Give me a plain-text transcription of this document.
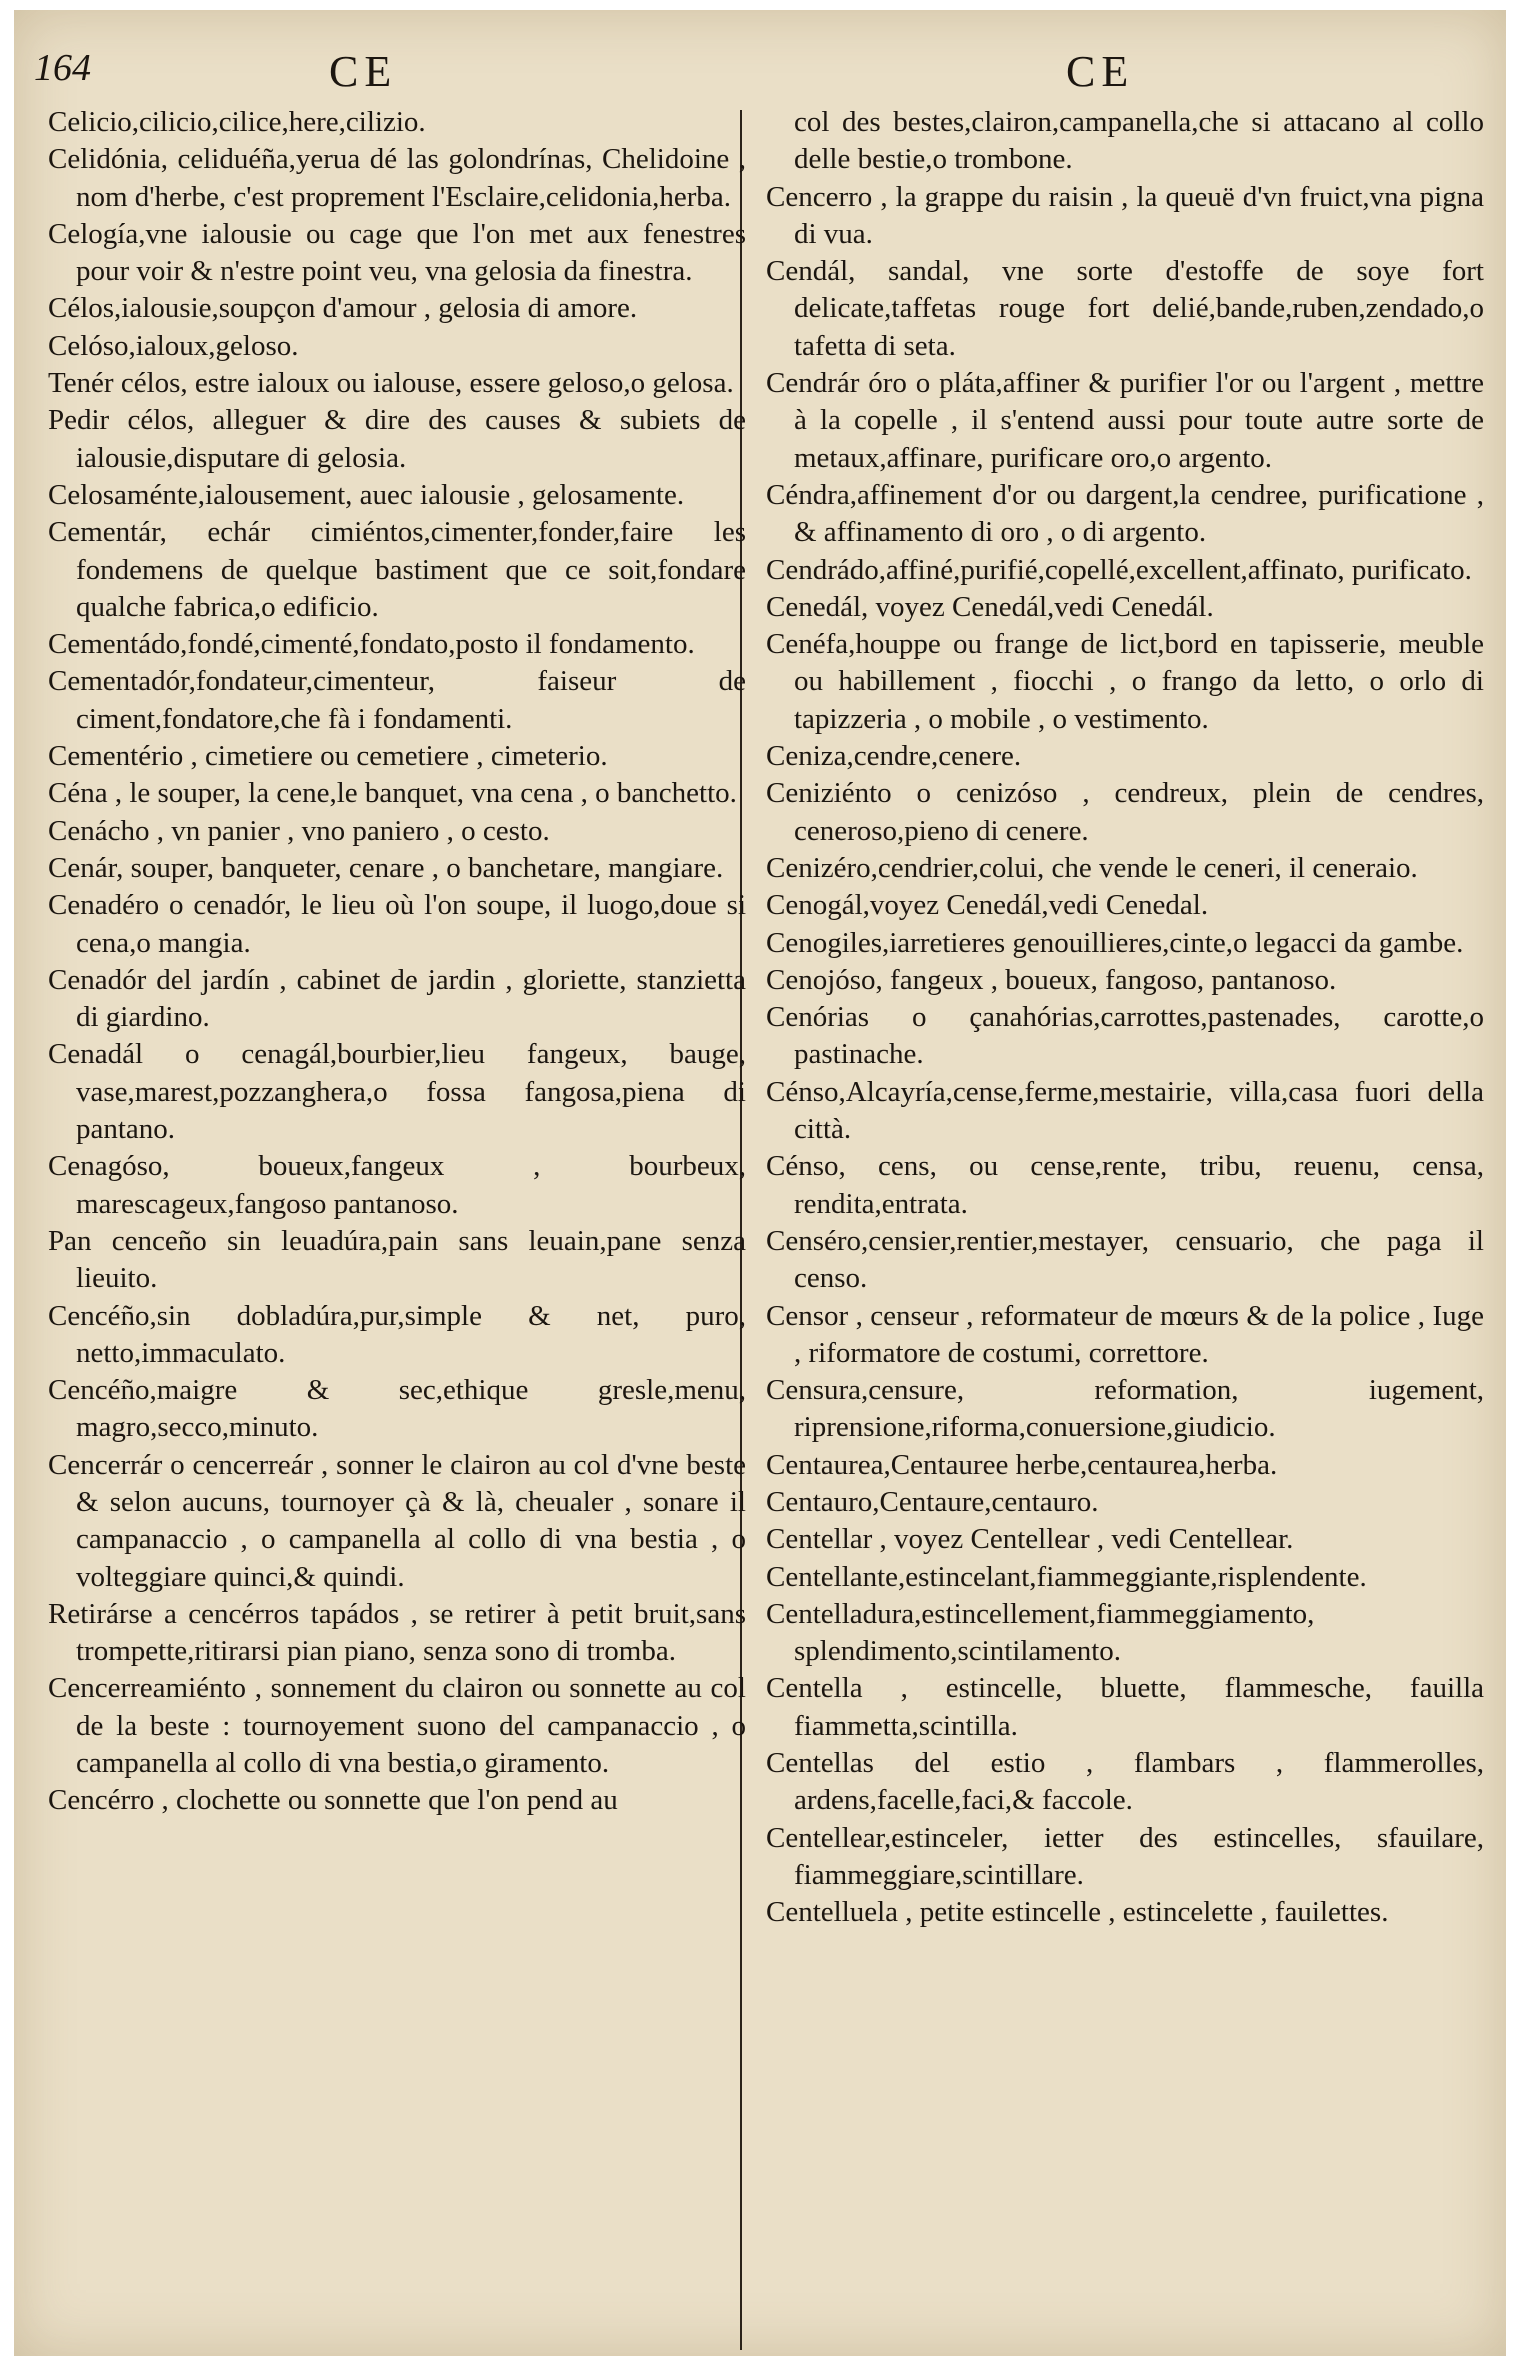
164	CE	CE

Celicio,cilicio,cilice,here,cilizio.

Celidónia, celiduéña,yerua dé las golondrínas, Chelidoine , nom d'herbe, c'est proprement l'Esclaire,celidonia,herba.

Celogía,vne ialousie ou cage que l'on met aux fenestres pour voir & n'estre point veu, vna gelosia da finestra.

Célos,ialousie,soupçon d'amour , gelosia di amore.

Celóso,ialoux,geloso.

Tenér célos, estre ialoux ou ialouse, essere geloso,o gelosa.

Pedir célos, alleguer & dire des causes & subiets de ialousie,disputare di gelosia.

Celosaménte,ialousement, auec ialousie , gelosamente.

Cementár, echár cimiéntos,cimenter,fonder,faire les fondemens de quelque bastiment que ce soit,fondare qualche fabrica,o edificio.

Cementádo,fondé,cimenté,fondato,posto il fondamento.

Cementadór,fondateur,cimenteur, faiseur de ciment,fondatore,che fà i fondamenti.

Cementério , cimetiere ou cemetiere , cimeterio.

Céna , le souper, la cene,le banquet, vna cena , o banchetto.

Cenácho , vn panier , vno paniero , o cesto.

Cenár, souper, banqueter, cenare , o banchetare, mangiare.

Cenadéro o cenadór, le lieu où l'on soupe, il luogo,doue si cena,o mangia.

Cenadór del jardín , cabinet de jardin , gloriette, stanzietta di giardino.

Cenadál o cenagál,bourbier,lieu fangeux, bauge, vase,marest,pozzanghera,o fossa fangosa,piena di pantano.

Cenagóso, boueux,fangeux , bourbeux, marescageux,fangoso pantanoso.

Pan cenceño sin leuadúra,pain sans leuain,pane senza lieuito.

Cencéño,sin dobladúra,pur,simple & net, puro, netto,immaculato.

Cencéño,maigre & sec,ethique gresle,menu, magro,secco,minuto.

Cencerrár o cencerreár , sonner le clairon au col d'vne beste & selon aucuns, tournoyer çà & là, cheualer , sonare il campanaccio , o campanella al collo di vna bestia , o volteggiare quinci,& quindi.

Retirárse a cencérros tapádos , se retirer à petit bruit,sans trompette,ritirarsi pian piano, senza sono di tromba.

Cencerreamiénto , sonnement du clairon ou sonnette au col de la beste : tournoyement suono del campanaccio , o campanella al collo di vna bestia,o giramento.

Cencérro , clochette ou sonnette que l'on pend au

col des bestes,clairon,campanella,che si attacano al collo delle bestie,o trombone.

Cencerro , la grappe du raisin , la queuë d'vn fruict,vna pigna di vua.

Cendál, sandal, vne sorte d'estoffe de soye fort delicate,taffetas rouge fort delié,bande,ruben,zendado,o tafetta di seta.

Cendrár óro o pláta,affiner & purifier l'or ou l'argent , mettre à la copelle , il s'entend aussi pour toute autre sorte de metaux,affinare, purificare oro,o argento.

Céndra,affinement d'or ou dargent,la cendree, purificatione , & affinamento di oro , o di argento.

Cendrádo,affiné,purifié,copellé,excellent,affinato, purificato.

Cenedál, voyez Cenedál,vedi Cenedál.

Cenéfa,houppe ou frange de lict,bord en tapisserie, meuble ou habillement , fiocchi , o frango da letto, o orlo di tapizzeria , o mobile , o vestimento.

Ceniza,cendre,cenere.

Ceniziénto o cenizóso , cendreux, plein de cendres, ceneroso,pieno di cenere.

Cenizéro,cendrier,colui, che vende le ceneri, il ceneraio.

Cenogál,voyez Cenedál,vedi Cenedal.

Cenogiles,iarretieres genouillieres,cinte,o legacci da gambe.

Cenojóso, fangeux , boueux, fangoso, pantanoso.

Cenórias o çanahórias,carrottes,pastenades, carotte,o pastinache.

Cénso,Alcayría,cense,ferme,mestairie, villa,casa fuori della città.

Cénso, cens, ou cense,rente, tribu, reuenu, censa, rendita,entrata.

Censéro,censier,rentier,mestayer, censuario, che paga il censo.

Censor , censeur , reformateur de mœurs & de la police , Iuge , riformatore de costumi, correttore.

Censura,censure, reformation, iugement, riprensione,riforma,conuersione,giudicio.

Centaurea,Centauree herbe,centaurea,herba.

Centauro,Centaure,centauro.

Centellar , voyez Centellear , vedi Centellear.

Centellante,estincelant,fiammeggiante,risplendente.

Centelladura,estincellement,fiammeggiamento, splendimento,scintilamento.

Centella , estincelle, bluette, flammesche, fauilla fiammetta,scintilla.

Centellas del estio , flambars , flammerolles, ardens,facelle,faci,& faccole.

Centellear,estinceler, ietter des estincelles, sfauilare, fiammeggiare,scintillare.

Centelluela , petite estincelle , estincelette , fauilettes.
